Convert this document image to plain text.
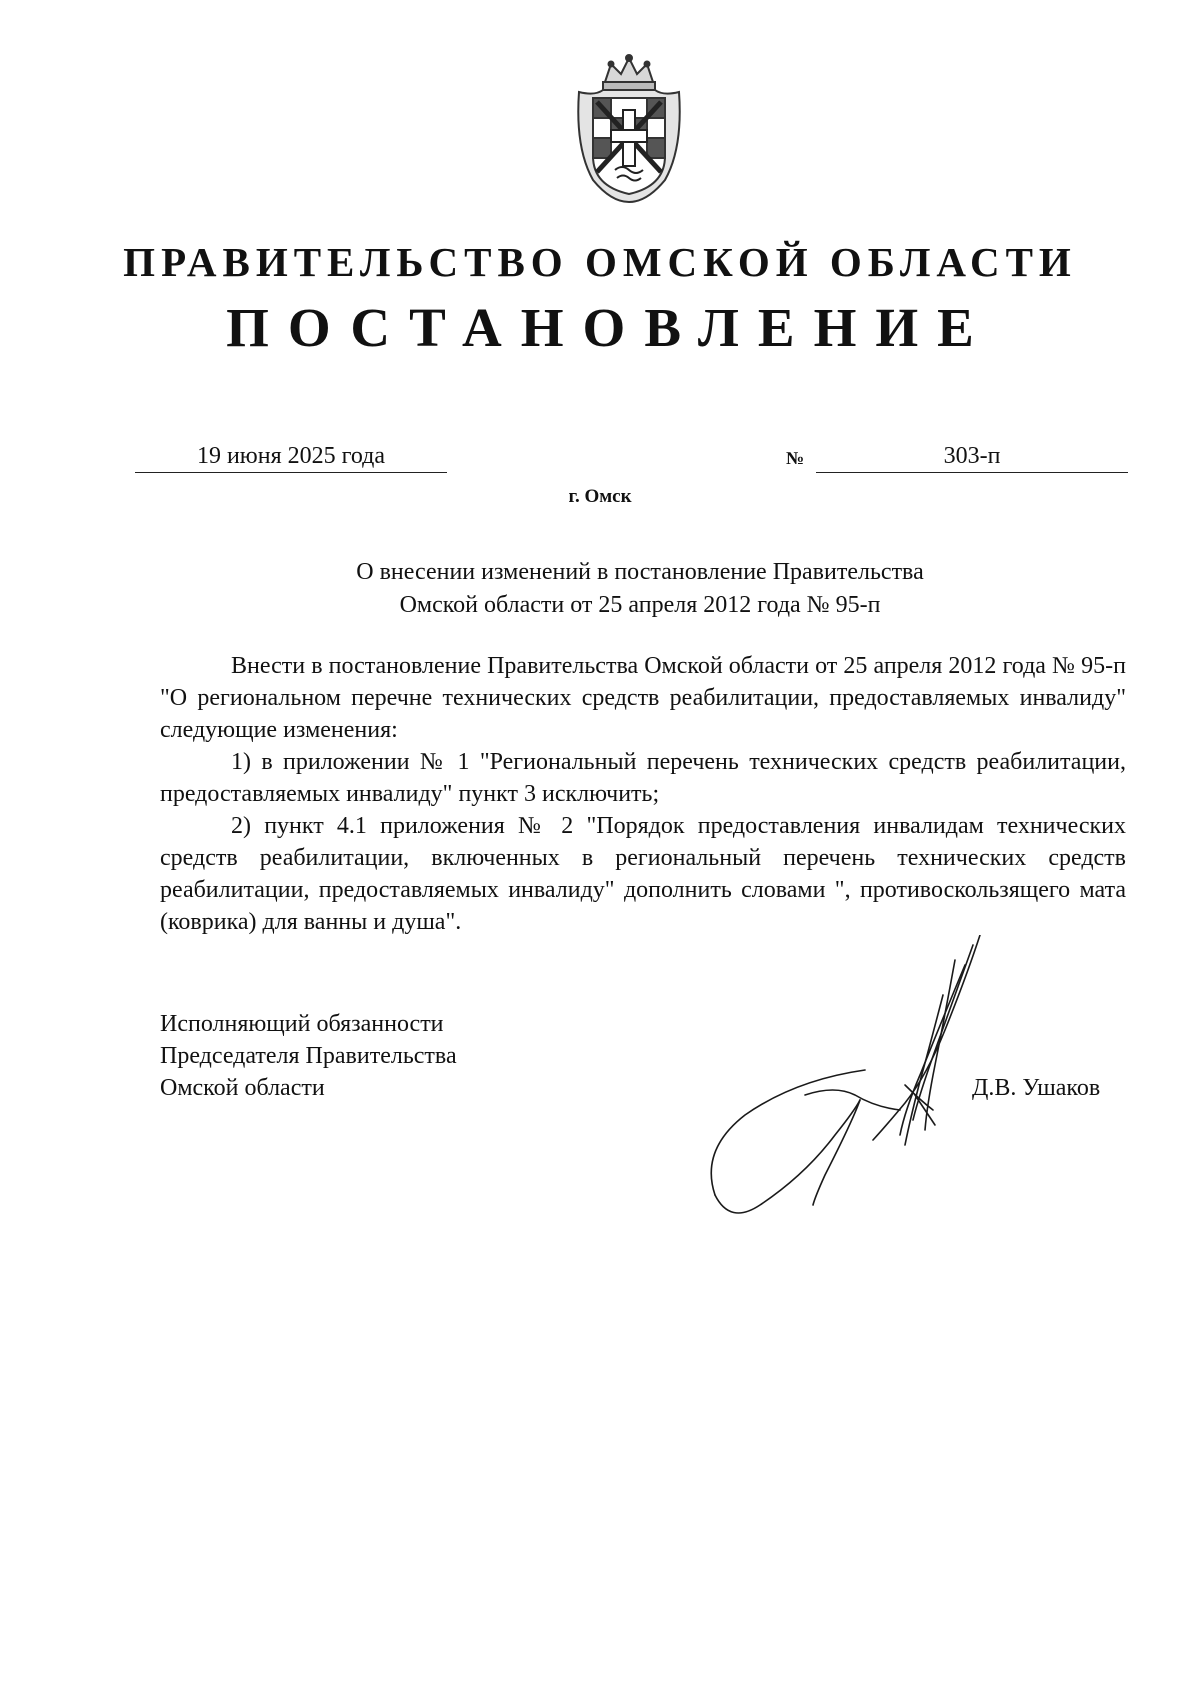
ПРАВИТЕЛЬСТВО ОМСКОЙ ОБЛАСТИ
ПОСТАНОВЛЕНИЕ
19 июня 2025 года	№	303-п
г. Омск
О внесении изменений в постановление Правительства
Омской области от 25 апреля 2012 года № 95-п

Внести в постановление Правительства Омской области от 25 апреля 2012 года № 95-п "О региональном перечне технических средств реабилитации, предоставляемых инвалиду" следующие изменения:

1) в приложении № 1 "Региональный перечень технических средств реабилитации, предоставляемых инвалиду" пункт 3 исключить;

2) пункт 4.1 приложения № 2 "Порядок предоставления инвалидам технических средств реабилитации, включенных в региональный перечень технических средств реабилитации, предоставляемых инвалиду" дополнить словами ", противоскользящего мата (коврика) для ванны и душа".

Исполняющий обязанности
Председателя Правительства
Омской области	Д.В. Ушаков
